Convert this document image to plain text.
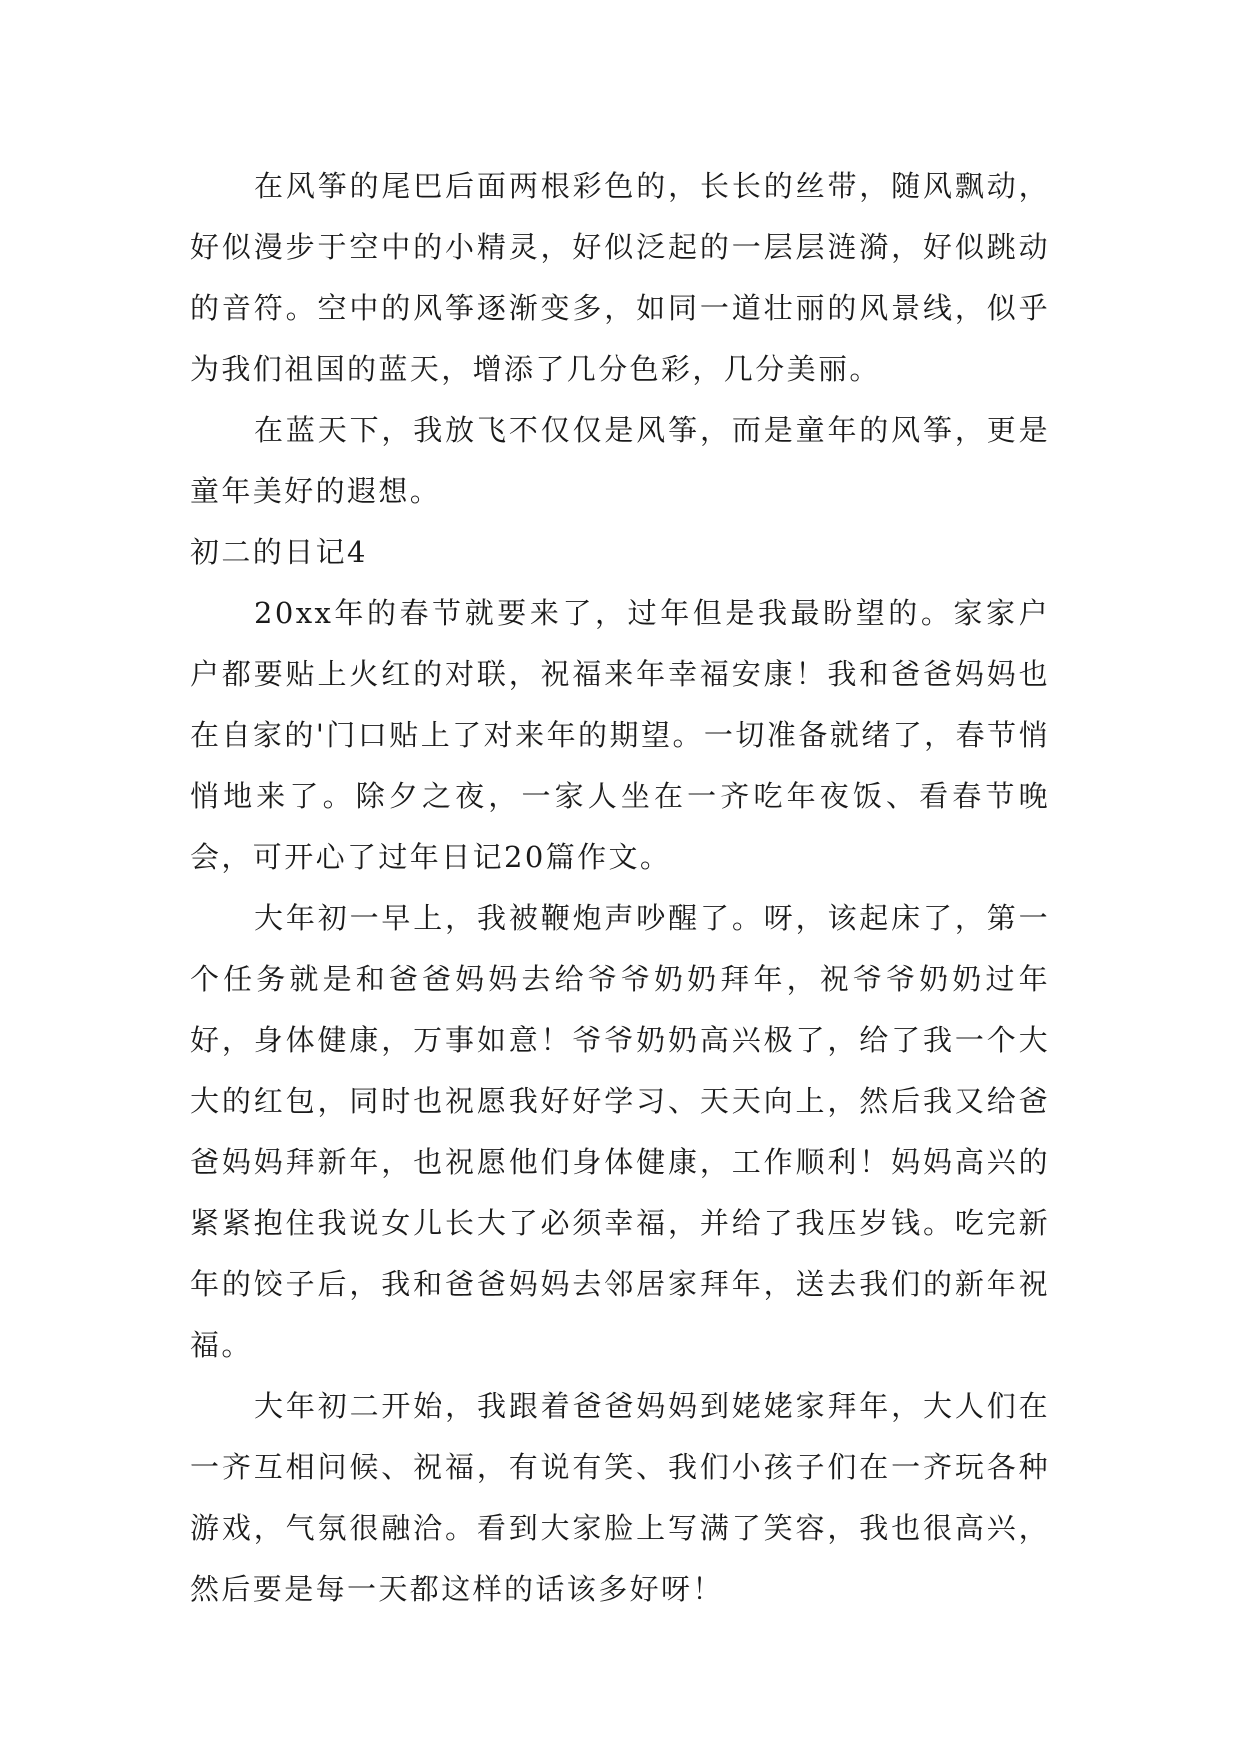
在风筝的尾巴后面两根彩色的，长长的丝带，随风飘动，好似漫步于空中的小精灵，好似泛起的一层层涟漪，好似跳动的音符。空中的风筝逐渐变多，如同一道壮丽的风景线，似乎为我们祖国的蓝天，增添了几分色彩，几分美丽。

在蓝天下，我放飞不仅仅是风筝，而是童年的风筝，更是童年美好的遐想。

初二的日记4

20xx年的春节就要来了，过年但是我最盼望的。家家户户都要贴上火红的对联，祝福来年幸福安康！我和爸爸妈妈也在自家的'门口贴上了对来年的期望。一切准备就绪了，春节悄悄地来了。除夕之夜，一家人坐在一齐吃年夜饭、看春节晚会，可开心了过年日记20篇作文。

大年初一早上，我被鞭炮声吵醒了。呀，该起床了，第一个任务就是和爸爸妈妈去给爷爷奶奶拜年，祝爷爷奶奶过年好，身体健康，万事如意！爷爷奶奶高兴极了，给了我一个大大的红包，同时也祝愿我好好学习、天天向上，然后我又给爸爸妈妈拜新年，也祝愿他们身体健康，工作顺利！妈妈高兴的紧紧抱住我说女儿长大了必须幸福，并给了我压岁钱。吃完新年的饺子后，我和爸爸妈妈去邻居家拜年，送去我们的新年祝福。

大年初二开始，我跟着爸爸妈妈到姥姥家拜年，大人们在一齐互相问候、祝福，有说有笑、我们小孩子们在一齐玩各种游戏，气氛很融洽。看到大家脸上写满了笑容，我也很高兴，然后要是每一天都这样的话该多好呀！
